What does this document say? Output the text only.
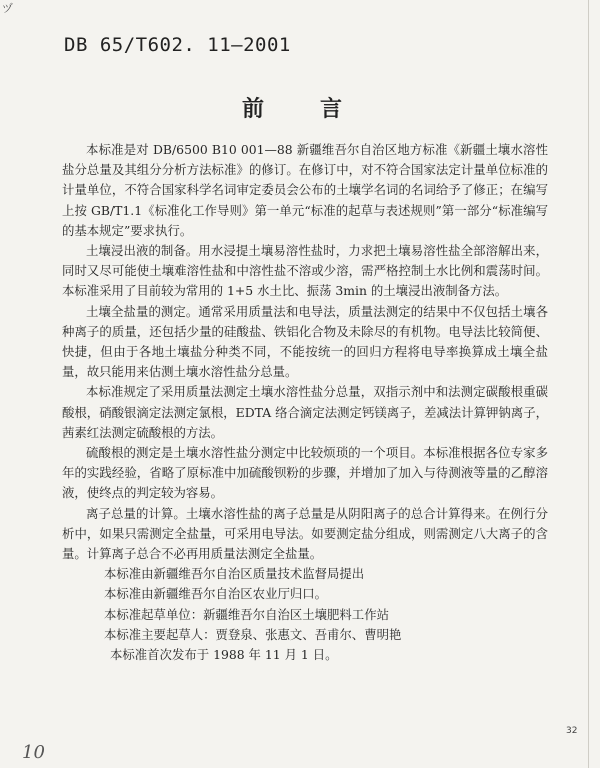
ヅ
DB 65/T602. 11—2001
前言

本标准是对 DB/6500 B10 001—88 新疆维吾尔自治区地方标准《新疆土壤水溶性盐分总量及其组分分析方法标准》的修订。在修订中，对不符合国家法定计量单位标准的计量单位，不符合国家科学名词审定委员会公布的土壤学名词的名词给予了修正；在编写上按 GB/T1.1《标准化工作导则》第一单元“标准的起草与表述规则”第一部分“标准编写的基本规定”要求执行。

土壤浸出液的制备。用水浸提土壤易溶性盐时，力求把土壤易溶性盐全部溶解出来，同时又尽可能使土壤难溶性盐和中溶性盐不溶或少溶，需严格控制土水比例和震荡时间。本标准采用了目前较为常用的 1+5 水土比、振荡 3min 的土壤浸出液制备方法。

土壤全盐量的测定。通常采用质量法和电导法，质量法测定的结果中不仅包括土壤各种离子的质量，还包括少量的硅酸盐、铁铝化合物及未除尽的有机物。电导法比较简便、快捷，但由于各地土壤盐分种类不同，不能按统一的回归方程将电导率换算成土壤全盐量，故只能用来估测土壤水溶性盐分总量。

本标准规定了采用质量法测定土壤水溶性盐分总量，双指示剂中和法测定碳酸根重碳酸根，硝酸银滴定法测定氯根，EDTA 络合滴定法测定钙镁离子，差减法计算钾钠离子，茜素红法测定硫酸根的方法。

硫酸根的测定是土壤水溶性盐分测定中比较烦琐的一个项目。本标准根据各位专家多年的实践经验，省略了原标准中加硫酸钡粉的步骤，并增加了加入与待测液等量的乙醇溶液，使终点的判定较为容易。

离子总量的计算。土壤水溶性盐的离子总量是从阴阳离子的总合计算得来。在例行分析中，如果只需测定全盐量，可采用电导法。如要测定盐分组成，则需测定八大离子的含量。计算离子总合不必再用质量法测定全盐量。

本标准由新疆维吾尔自治区质量技术监督局提出

本标准由新疆维吾尔自治区农业厅归口。

本标准起草单位：新疆维吾尔自治区土壤肥料工作站

本标准主要起草人：贾登泉、张惠文、吾甫尔、曹明艳

本标准首次发布于 1988 年 11 月 1 日。

32
10
